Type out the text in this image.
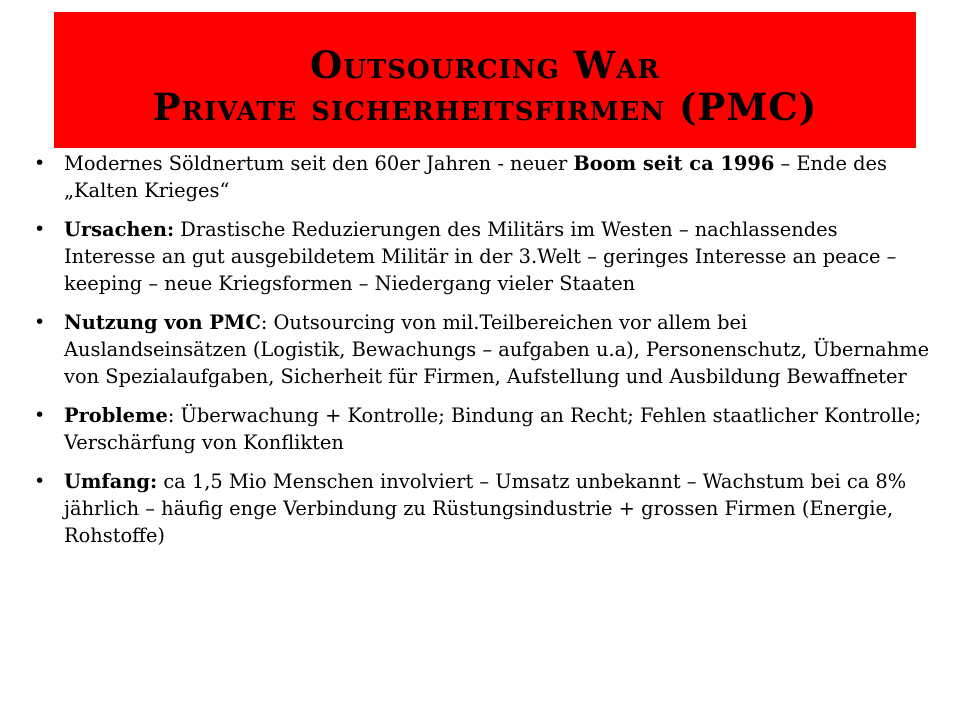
Outsourcing War
Private sicherheitsfirmen (PMC)
• Modernes Söldnertum seit den 60er Jahren - neuer Boom seit ca 1996 – Ende des „Kalten Krieges“
• Ursachen: Drastische Reduzierungen des Militärs im Westen – nachlassendes Interesse an gut ausgebildetem Militär in der 3.Welt – geringes Interesse an peace – keeping – neue Kriegsformen – Niedergang vieler Staaten
• Nutzung von PMC: Outsourcing von mil.Teilbereichen vor allem bei Auslandseinsätzen (Logistik, Bewachungs – aufgaben u.a), Personenschutz, Übernahme von Spezialaufgaben, Sicherheit für Firmen, Aufstellung und Ausbildung Bewaffneter
• Probleme: Überwachung + Kontrolle; Bindung an Recht; Fehlen staatlicher Kontrolle; Verschärfung von Konflikten
• Umfang: ca 1,5 Mio Menschen involviert – Umsatz unbekannt – Wachstum bei ca 8% jährlich – häufig enge Verbindung zu Rüstungsindustrie + grossen Firmen (Energie, Rohstoffe)
